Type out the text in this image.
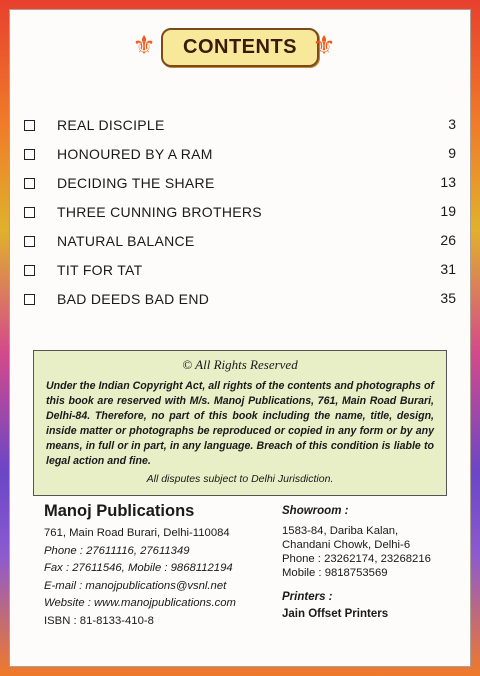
⚜	CONTENTS ⚜
REAL DISCIPLE	3
HONOURED BY A RAM	9
DECIDING THE SHARE	13
THREE CUNNING BROTHERS	19
NATURAL BALANCE	26
TIT FOR TAT	31
BAD DEEDS BAD END	35
© All Rights Reserved
Under the Indian Copyright Act, all rights of the contents and photographs of this book are reserved with M/s. Manoj Publications, 761, Main Road Burari, Delhi-84. Therefore, no part of this book including the name, title, design, inside matter or photographs be reproduced or copied in any form or by any means, in full or in part, in any language. Breach of this condition is liable to legal action and fine.
All disputes subject to Delhi Jurisdiction.
Manoj Publications
761, Main Road Burari, Delhi-110084
Phone : 27611116, 27611349
Fax : 27611546, Mobile : 9868112194
E-mail : manojpublications@vsnl.net
Website : www.manojpublications.com
ISBN : 81-8133-410-8
Showroom :
1583-84, Dariba Kalan,
Chandani Chowk, Delhi-6
Phone : 23262174, 23268216
Mobile : 9818753569
Printers :
Jain Offset Printers
